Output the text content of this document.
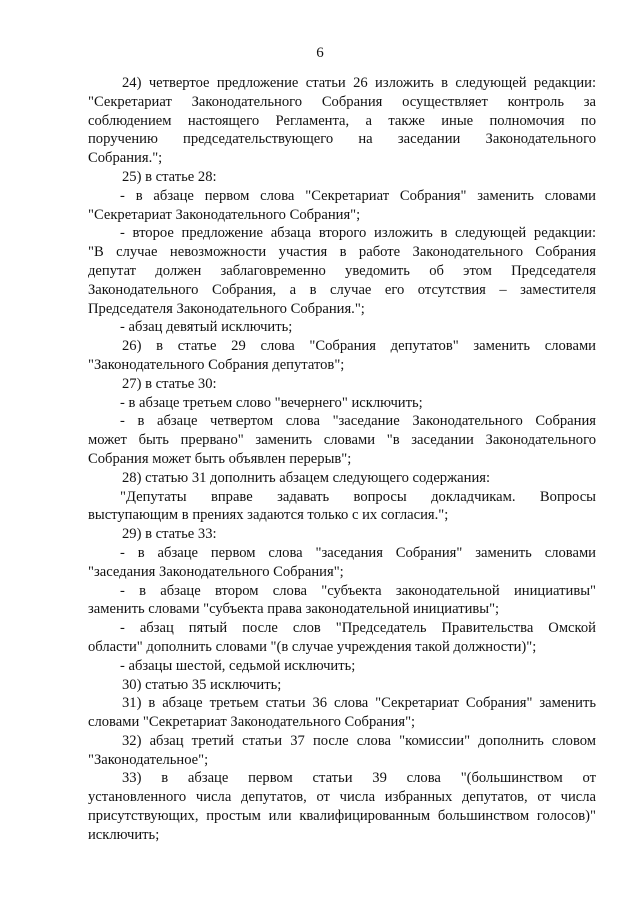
6
24) четвертое предложение статьи 26 изложить в следующей редакции:
"Секретариат Законодательного Собрания осуществляет контроль за
соблюдением настоящего Регламента, а также иные полномочия по
поручению председательствующего на заседании Законодательного
Собрания.";
25) в статье 28:
- в абзаце первом слова "Секретариат Собрания" заменить словами
"Секретариат Законодательного Собрания";
- второе предложение абзаца второго изложить в следующей редакции:
"В случае невозможности участия в работе Законодательного Собрания
депутат должен заблаговременно уведомить об этом Председателя
Законодательного Собрания, а в случае его отсутствия – заместителя
Председателя Законодательного Собрания.";
- абзац девятый исключить;
26) в статье 29 слова "Собрания депутатов" заменить словами
"Законодательного Собрания депутатов";
27) в статье 30:
- в абзаце третьем слово "вечернего" исключить;
- в абзаце четвертом слова "заседание Законодательного Собрания
может быть прервано" заменить словами "в заседании Законодательного
Собрания может быть объявлен перерыв";
28) статью 31 дополнить абзацем следующего содержания:
"Депутаты вправе задавать вопросы докладчикам. Вопросы
выступающим в прениях задаются только с их согласия.";
29) в статье 33:
- в абзаце первом слова "заседания Собрания" заменить словами
"заседания Законодательного Собрания";
- в абзаце втором слова "субъекта законодательной инициативы"
заменить словами "субъекта права законодательной инициативы";
- абзац пятый после слов "Председатель Правительства Омской
области" дополнить словами "(в случае учреждения такой должности)";
- абзацы шестой, седьмой исключить;
30) статью 35 исключить;
31) в абзаце третьем статьи 36 слова "Секретариат Собрания" заменить
словами "Секретариат Законодательного Собрания";
32) абзац третий статьи 37 после слова "комиссии" дополнить словом
"Законодательное";
33) в абзаце первом статьи 39 слова "(большинством от
установленного числа депутатов, от числа избранных депутатов, от числа
присутствующих, простым или квалифицированным большинством голосов)"
исключить;
